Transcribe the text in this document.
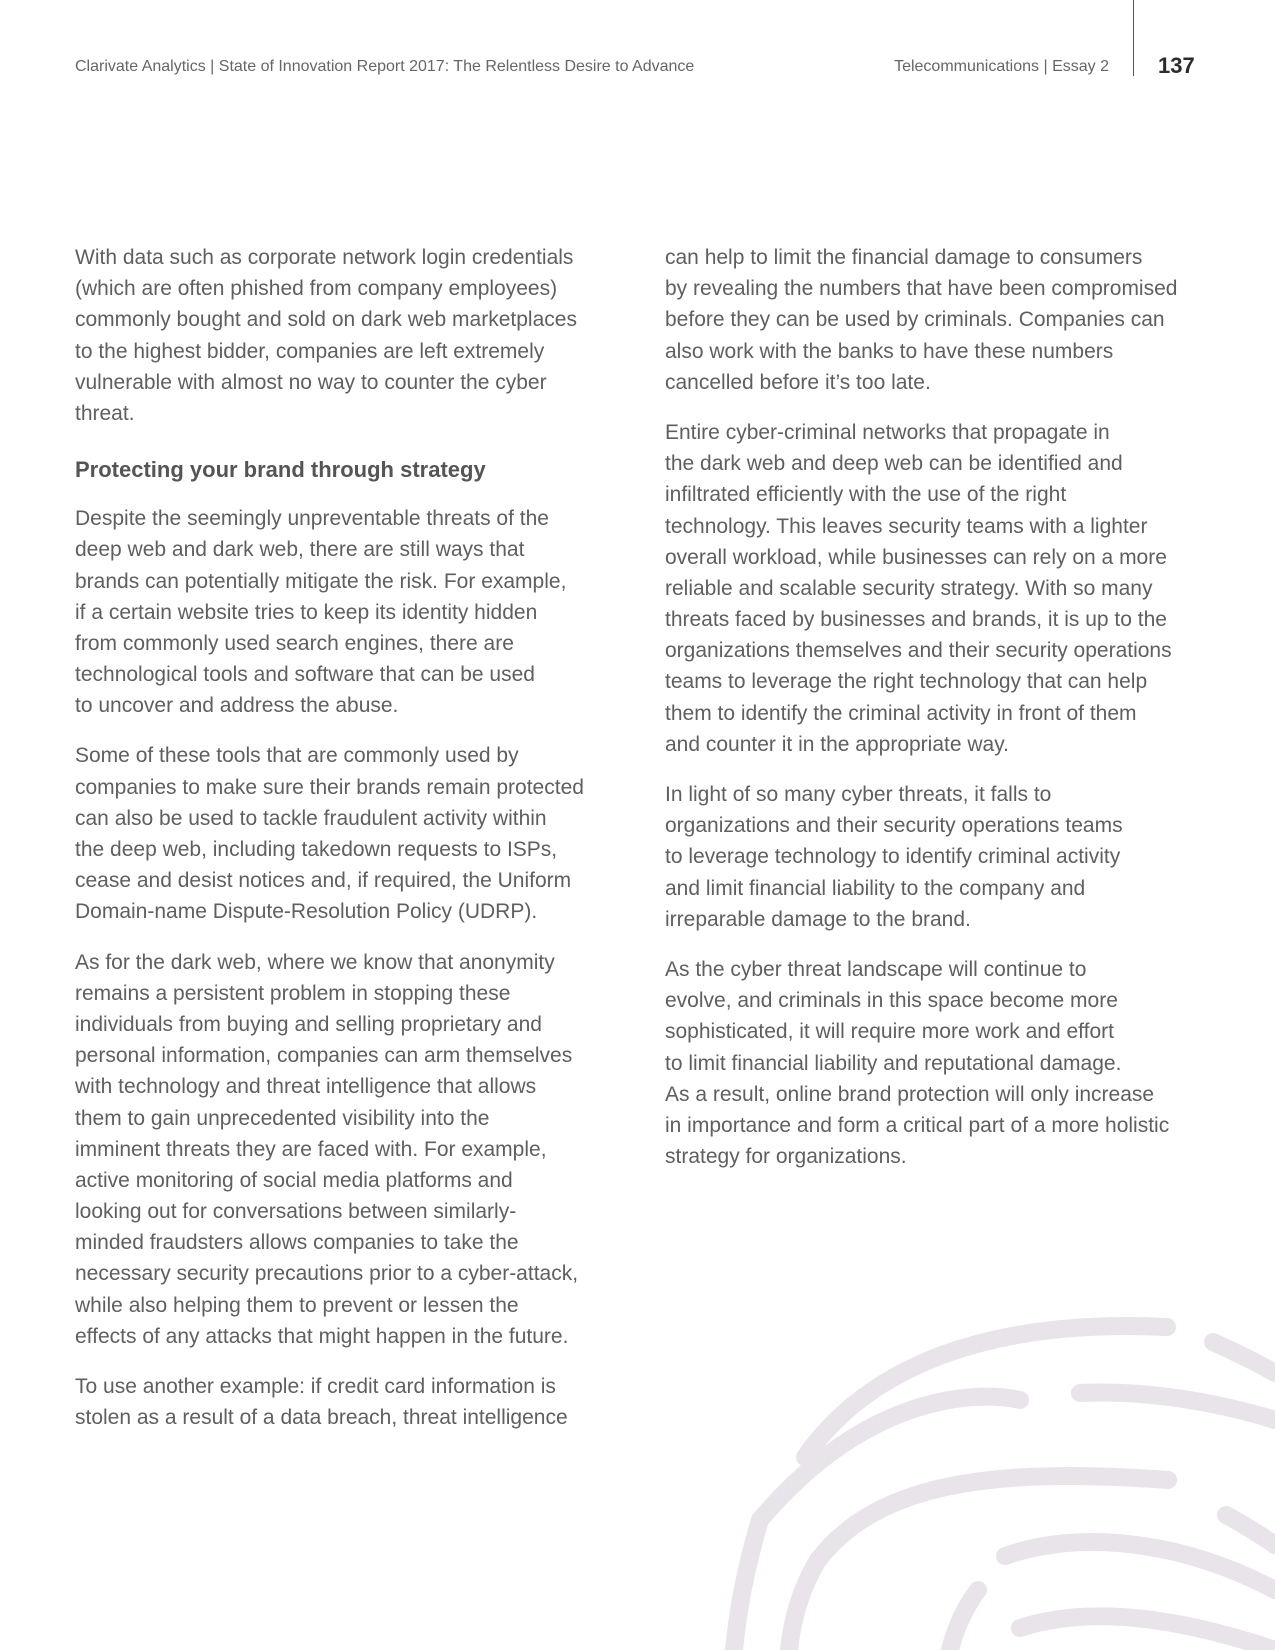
Clarivate Analytics | State of Innovation Report 2017: The Relentless Desire to Advance	Telecommunications | Essay 2 137

With data such as corporate network login credentials
(which are often phished from company employees)
commonly bought and sold on dark web marketplaces
to the highest bidder, companies are left extremely
vulnerable with almost no way to counter the cyber
threat.

Protecting your brand through strategy

Despite the seemingly unpreventable threats of the
deep web and dark web, there are still ways that
brands can potentially mitigate the risk. For example,
if a certain website tries to keep its identity hidden
from commonly used search engines, there are
technological tools and software that can be used
to uncover and address the abuse.

Some of these tools that are commonly used by
companies to make sure their brands remain protected
can also be used to tackle fraudulent activity within
the deep web, including takedown requests to ISPs,
cease and desist notices and, if required, the Uniform
Domain-name Dispute-Resolution Policy (UDRP).

As for the dark web, where we know that anonymity
remains a persistent problem in stopping these
individuals from buying and selling proprietary and
personal information, companies can arm themselves
with technology and threat intelligence that allows
them to gain unprecedented visibility into the
imminent threats they are faced with. For example,
active monitoring of social media platforms and
looking out for conversations between similarly-
minded fraudsters allows companies to take the
necessary security precautions prior to a cyber-attack,
while also helping them to prevent or lessen the
effects of any attacks that might happen in the future.

To use another example: if credit card information is
stolen as a result of a data breach, threat intelligence

can help to limit the financial damage to consumers
by revealing the numbers that have been compromised
before they can be used by criminals. Companies can
also work with the banks to have these numbers
cancelled before it’s too late.

Entire cyber-criminal networks that propagate in
the dark web and deep web can be identified and
infiltrated efficiently with the use of the right
technology. This leaves security teams with a lighter
overall workload, while businesses can rely on a more
reliable and scalable security strategy. With so many
threats faced by businesses and brands, it is up to the
organizations themselves and their security operations
teams to leverage the right technology that can help
them to identify the criminal activity in front of them
and counter it in the appropriate way.

In light of so many cyber threats, it falls to
organizations and their security operations teams
to leverage technology to identify criminal activity
and limit financial liability to the company and
irreparable damage to the brand.

As the cyber threat landscape will continue to
evolve, and criminals in this space become more
sophisticated, it will require more work and effort
to limit financial liability and reputational damage.
As a result, online brand protection will only increase
in importance and form a critical part of a more holistic
strategy for organizations.
